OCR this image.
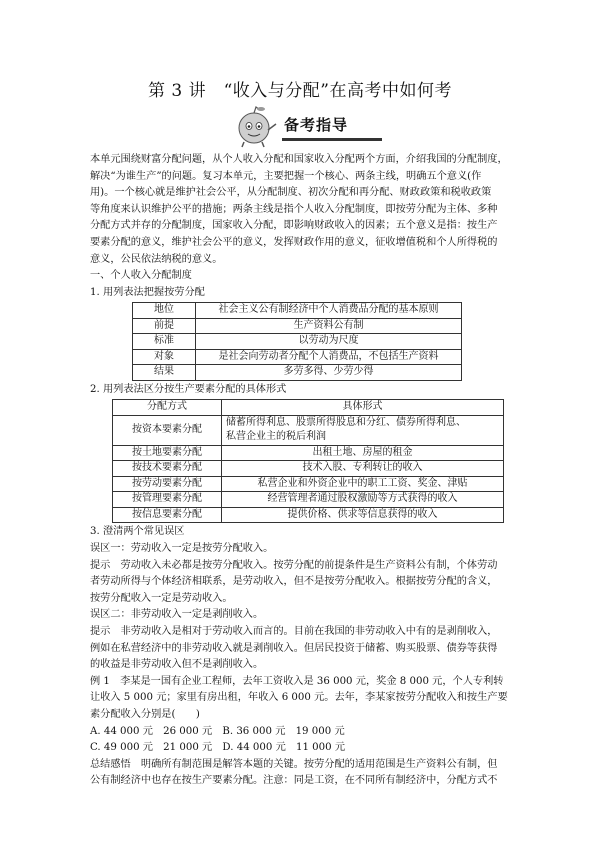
第 3 讲　“收入与分配”在高考中如何考
备考指导

本单元围绕财富分配问题，从个人收入分配和国家收入分配两个方面，介绍我国的分配制度，

解决“为谁生产”的问题。复习本单元，主要把握一个核心、两条主线，明确五个意义(作

用)。一个核心就是维护社会公平，从分配制度、初次分配和再分配、财政政策和税收政策

等角度来认识维护公平的措施；两条主线是指个人收入分配制度，即按劳分配为主体、多种

分配方式并存的分配制度，国家收入分配，即影响财政收入的因素；五个意义是指：按生产

要素分配的意义，维护社会公平的意义，发挥财政作用的意义，征收增值税和个人所得税的

意义，公民依法纳税的意义。

一、个人收入分配制度

1. 用列表法把握按劳分配

地位	社会主义公有制经济中个人消费品分配的基本原则
前提	生产资料公有制
标准	以劳动为尺度
对象	是社会向劳动者分配个人消费品，不包括生产资料
结果	多劳多得、少劳少得

2. 用列表法区分按生产要素分配的具体形式

分配方式	具体形式
按资本要素分配	储蓄所得利息、股票所得股息和分红、债券所得利息、
私营企业主的税后利润

按土地要素分配	出租土地、房屋的租金
按技术要素分配	技术入股、专利转让的收入
按劳动要素分配	私营企业和外资企业中的职工工资、奖金、津贴
按管理要素分配	经营管理者通过股权激励等方式获得的收入
按信息要素分配	提供价格、供求等信息获得的收入

3. 澄清两个常见误区

误区一：劳动收入一定是按劳分配收入。

提示　劳动收入未必都是按劳分配收入。按劳分配的前提条件是生产资料公有制，个体劳动

者劳动所得与个体经济相联系，是劳动收入，但不是按劳分配收入。根据按劳分配的含义，

按劳分配收入一定是劳动收入。

误区二：非劳动收入一定是剥削收入。

提示　非劳动收入是相对于劳动收入而言的。目前在我国的非劳动收入中有的是剥削收入，

例如在私营经济中的非劳动收入就是剥削收入。但居民投资于储蓄、购买股票、债券等获得

的收益是非劳动收入但不是剥削收入。

例 1　李某是一国有企业工程师，去年工资收入是 36 000 元，奖金 8 000 元，个人专利转

让收入 5 000 元；家里有房出租，年收入 6 000 元。去年，李某家按劳分配收入和按生产要

素分配收入分别是(　　)

A. 44 000 元　26 000 元　B. 36 000 元　19 000 元

C. 49 000 元　21 000 元　D. 44 000 元　11 000 元

总结感悟　明确所有制范围是解答本题的关键。按劳分配的适用范围是生产资料公有制，但

公有制经济中也存在按生产要素分配。注意：同是工资，在不同所有制经济中，分配方式不
